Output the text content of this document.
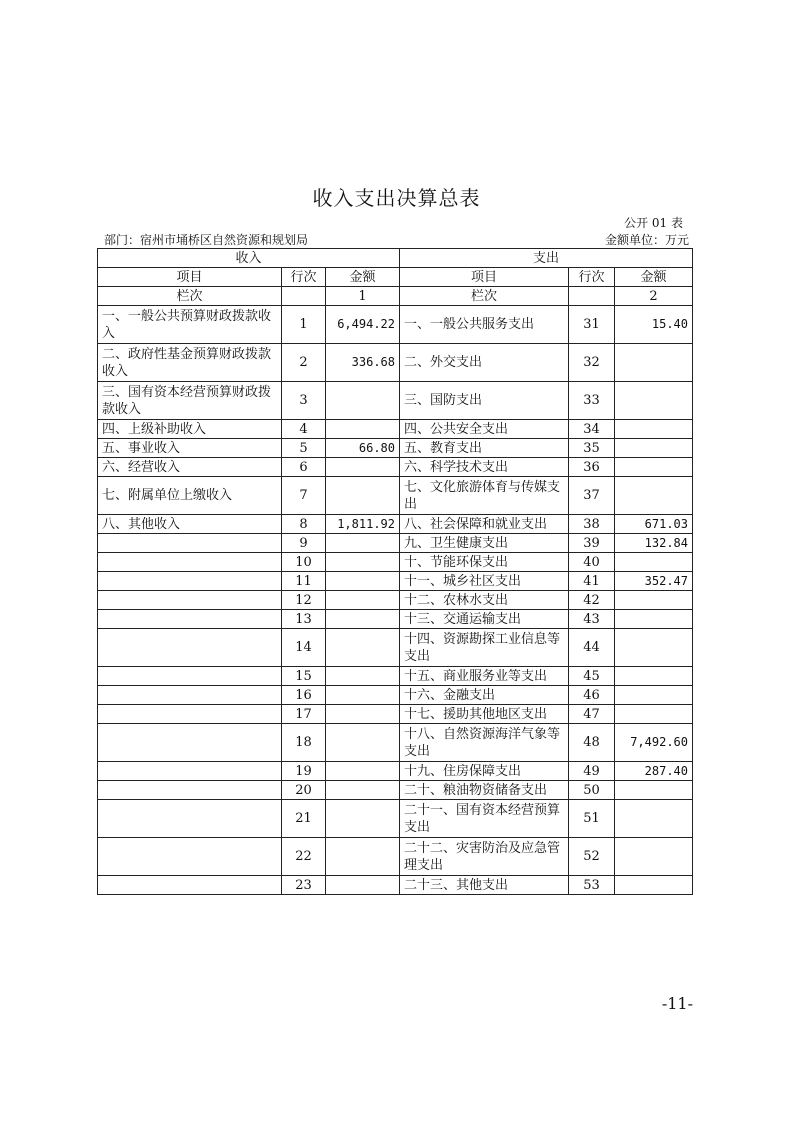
收入支出决算总表
公开 01 表
部门：宿州市埇桥区自然资源和规划局	金额单位：万元
收入			支出		
项目	行次	金额	项目	行次	金额
栏次		1	栏次		2
一、一般公共预算财政拨款收入	1	6,494.22	一、一般公共服务支出	31	15.40
二、政府性基金预算财政拨款收入	2	336.68	二、外交支出	32	
三、国有资本经营预算财政拨款收入	3		三、国防支出	33	
四、上级补助收入	4		四、公共安全支出	34	
五、事业收入	5	66.80	五、教育支出	35	
六、经营收入	6		六、科学技术支出	36	
七、附属单位上缴收入	7		七、文化旅游体育与传媒支出	37	
八、其他收入	8	1,811.92	八、社会保障和就业支出	38	671.03
	9		九、卫生健康支出	39	132.84
	10		十、节能环保支出	40	
	11		十一、城乡社区支出	41	352.47
	12		十二、农林水支出	42	
	13		十三、交通运输支出	43	
	14		十四、资源勘探工业信息等支出	44	
	15		十五、商业服务业等支出	45	
	16		十六、金融支出	46	
	17		十七、援助其他地区支出	47	
	18		十八、自然资源海洋气象等支出	48	7,492.60
	19		十九、住房保障支出	49	287.40
	20		二十、粮油物资储备支出	50	
	21		二十一、国有资本经营预算支出	51	
	22		二十二、灾害防治及应急管理支出	52	
	23		二十三、其他支出	53	
-11-
